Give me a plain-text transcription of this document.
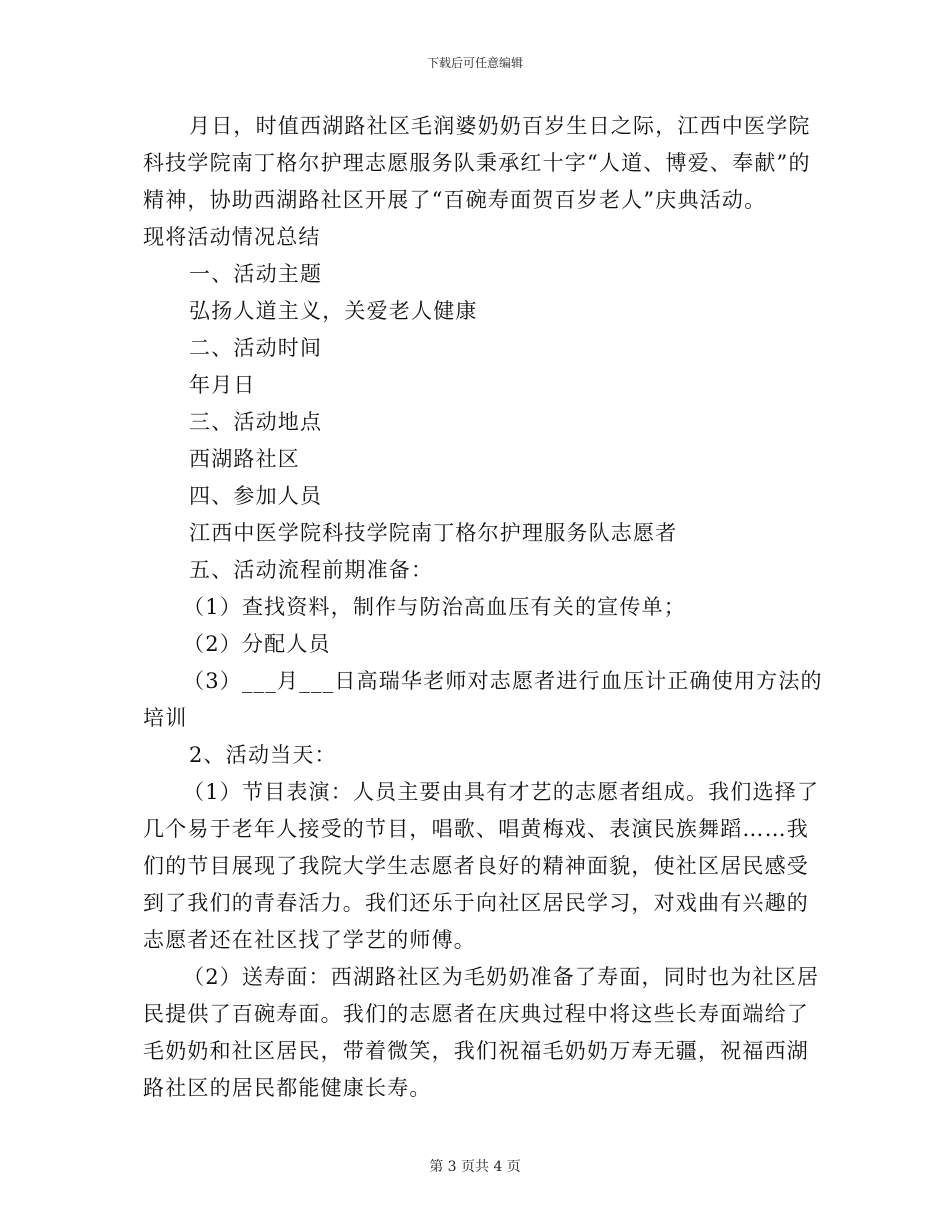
下载后可任意编辑

月日，时值西湖路社区毛润婆奶奶百岁生日之际，江西中医学院科技学院南丁格尔护理志愿服务队秉承红十字“人道、博爱、奉献”的精神，协助西湖路社区开展了“百碗寿面贺百岁老人”庆典活动。

现将活动情况总结

一、活动主题

弘扬人道主义，关爱老人健康

二、活动时间

年月日

三、活动地点

西湖路社区

四、参加人员

江西中医学院科技学院南丁格尔护理服务队志愿者

五、活动流程前期准备：

（1）查找资料，制作与防治高血压有关的宣传单；

（2）分配人员

（3）___月___日高瑞华老师对志愿者进行血压计正确使用方法的培训

2、活动当天：

（1）节目表演：人员主要由具有才艺的志愿者组成。我们选择了几个易于老年人接受的节目，唱歌、唱黄梅戏、表演民族舞蹈……我们的节目展现了我院大学生志愿者良好的精神面貌，使社区居民感受到了我们的青春活力。我们还乐于向社区居民学习，对戏曲有兴趣的志愿者还在社区找了学艺的师傅。

（2）送寿面：西湖路社区为毛奶奶准备了寿面，同时也为社区居民提供了百碗寿面。我们的志愿者在庆典过程中将这些长寿面端给了毛奶奶和社区居民，带着微笑，我们祝福毛奶奶万寿无疆，祝福西湖路社区的居民都能健康长寿。

第 3 页共 4 页
